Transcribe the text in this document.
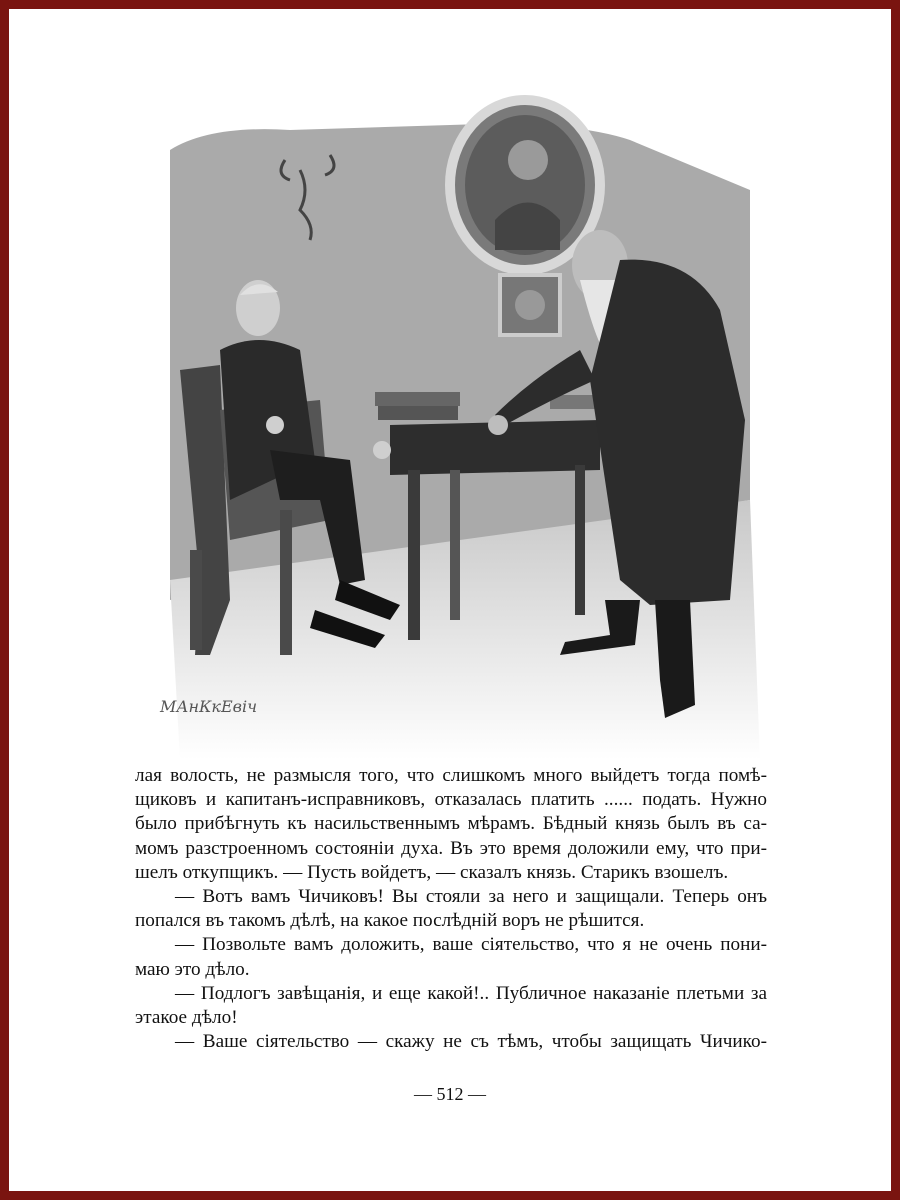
МАнКкЕвіч
лая волость, не размысля того, что слишкомъ много выйдетъ тогда помѣ-
щиковъ и капитанъ-исправниковъ, отказалась платить ...... подать. Нужно
было прибѣгнуть къ насильственнымъ мѣрамъ. Бѣдный князь былъ въ са-
момъ разстроенномъ состояніи духа. Въ это время доложили ему, что при-
шелъ откупщикъ. — Пусть войдетъ, — сказалъ князь. Старикъ взошелъ.
— Вотъ вамъ Чичиковъ! Вы стояли за него и защищали. Теперь онъ
попался въ такомъ дѣлѣ, на какое послѣдній воръ не рѣшится.
— Позвольте вамъ доложить, ваше сіятельство, что я не очень пони-
маю это дѣло.
— Подлогъ завѣщанія, и еще какой!.. Публичное наказаніе плетьми за
этакое дѣло!
— Ваше сіятельство — скажу не съ тѣмъ, чтобы защищать Чичико-
— 512 —
